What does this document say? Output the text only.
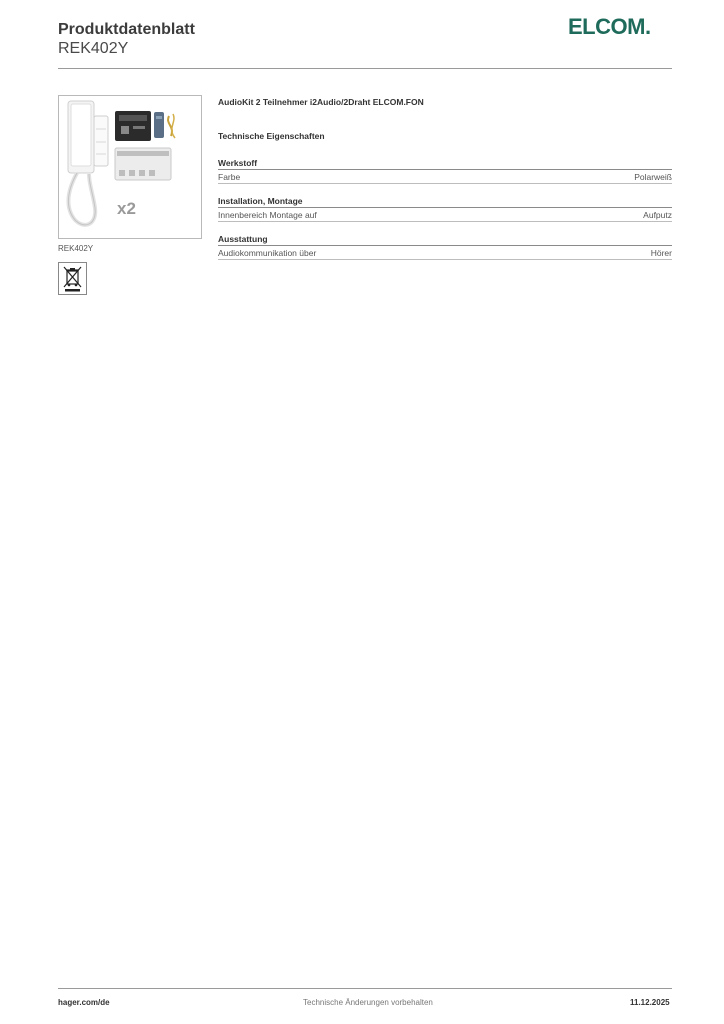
Produktdatenblatt
REK402Y
ELCOM.
x2
REK402Y
AudioKit 2 Teilnehmer i2Audio/2Draht ELCOM.FON
Technische Eigenschaften
Werkstoff
Farbe	Polarweiß
Installation, Montage
Innenbereich Montage auf	Aufputz
Ausstattung
Audiokommunikation über	Hörer
hager.com/de	Technische Änderungen vorbehalten	11.12.2025
